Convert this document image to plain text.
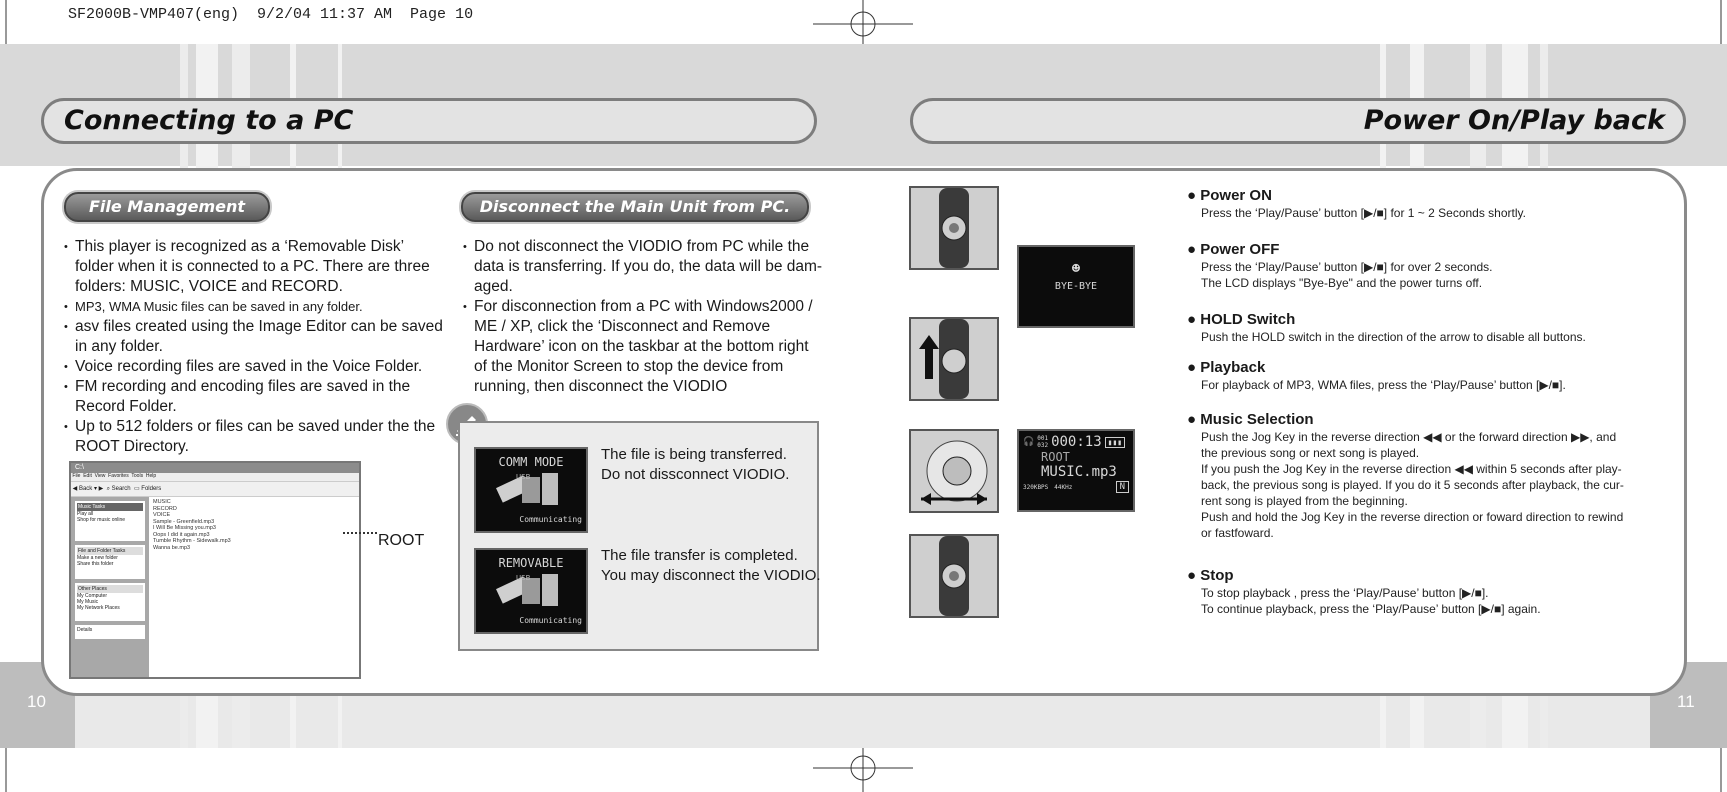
SF2000B-VMP407(eng)  9/2/04 11:37 AM  Page 10
Connecting to a PC	Power On/Play back
10	11
File Management
• This player is recognized as a ‘Removable Disk’ folder when it is connected to a PC. There are three folders: MUSIC, VOICE and RECORD.
• MP3, WMA Music files can be saved in any folder.
• asv files created using the Image Editor can be saved in any folder.
• Voice recording files are saved in the Voice Folder.
• FM recording and encoding files are saved in the Record Folder.
• Up to 512 folders or files can be saved under the the ROOT Directory.
C:\
File  Edit  View  Favorites  Tools  Help
◀ Back ▾ ▶  ⌕ Search  ▭ Folders
Music Tasks
Play all
Shop for music online
File and Folder Tasks
Make a new folder
Share this folder
Other Places
My Computer
My Music
My Network Places
Details
MUSIC
RECORD
VOICE
Sample - Greenfield.mp3
I Will Be Missing you.mp3
Oops I did it again.mp3
Tumble Rhythm - Sidewalk.mp3
Wanna be.mp3	ROOT
Disconnect the Main Unit from PC.
• Do not disconnect the VIODIO from PC while the data is transferring. If you do, the data will be dam-aged.
• For disconnection from a PC with Windows2000 / ME / XP, click the ‘Disconnect and Remove Hardware’ icon on the taskbar at the bottom right of the Monitor Screen to stop the device from running, then disconnect the VIODIO
COMM MODE
USB
Communicating
The file is being transferred.
Do not dissconnect VIODIO.
REMOVABLE
USB
Communicating
The file transfer is completed.
You may disconnect the VIODIO.
☻
BYE-BYE
🎧 001
032 000:13 ▮▮▮
ROOT
MUSIC.mp3
320KBPS 44KHz	N
● Power ON
Press the ‘Play/Pause’ button [▶/■] for 1 ~ 2 Seconds shortly.
● Power OFF
Press the ‘Play/Pause’ button [▶/■] for over 2 seconds.
The LCD displays "Bye-Bye" and the power turns off.
● HOLD Switch
Push the HOLD switch in the direction of the arrow to disable all buttons.
● Playback
For playback of MP3, WMA files, press the ‘Play/Pause’ button [▶/■].
● Music Selection
Push the Jog Key in the reverse direction ◀◀ or the forward direction ▶▶, and
the previous song or next song is played.
If you push the Jog Key in the reverse direction ◀◀ within 5 seconds after play-
back, the previous song is played. If you do it 5 seconds after playback, the cur-
rent song is played from the beginning.
Push and hold the Jog Key in the reverse direction or foward direction to rewind
or fastfoward.
● Stop
To stop playback , press the ‘Play/Pause’ button [▶/■].
To continue playback, press the ‘Play/Pause’ button [▶/■] again.
